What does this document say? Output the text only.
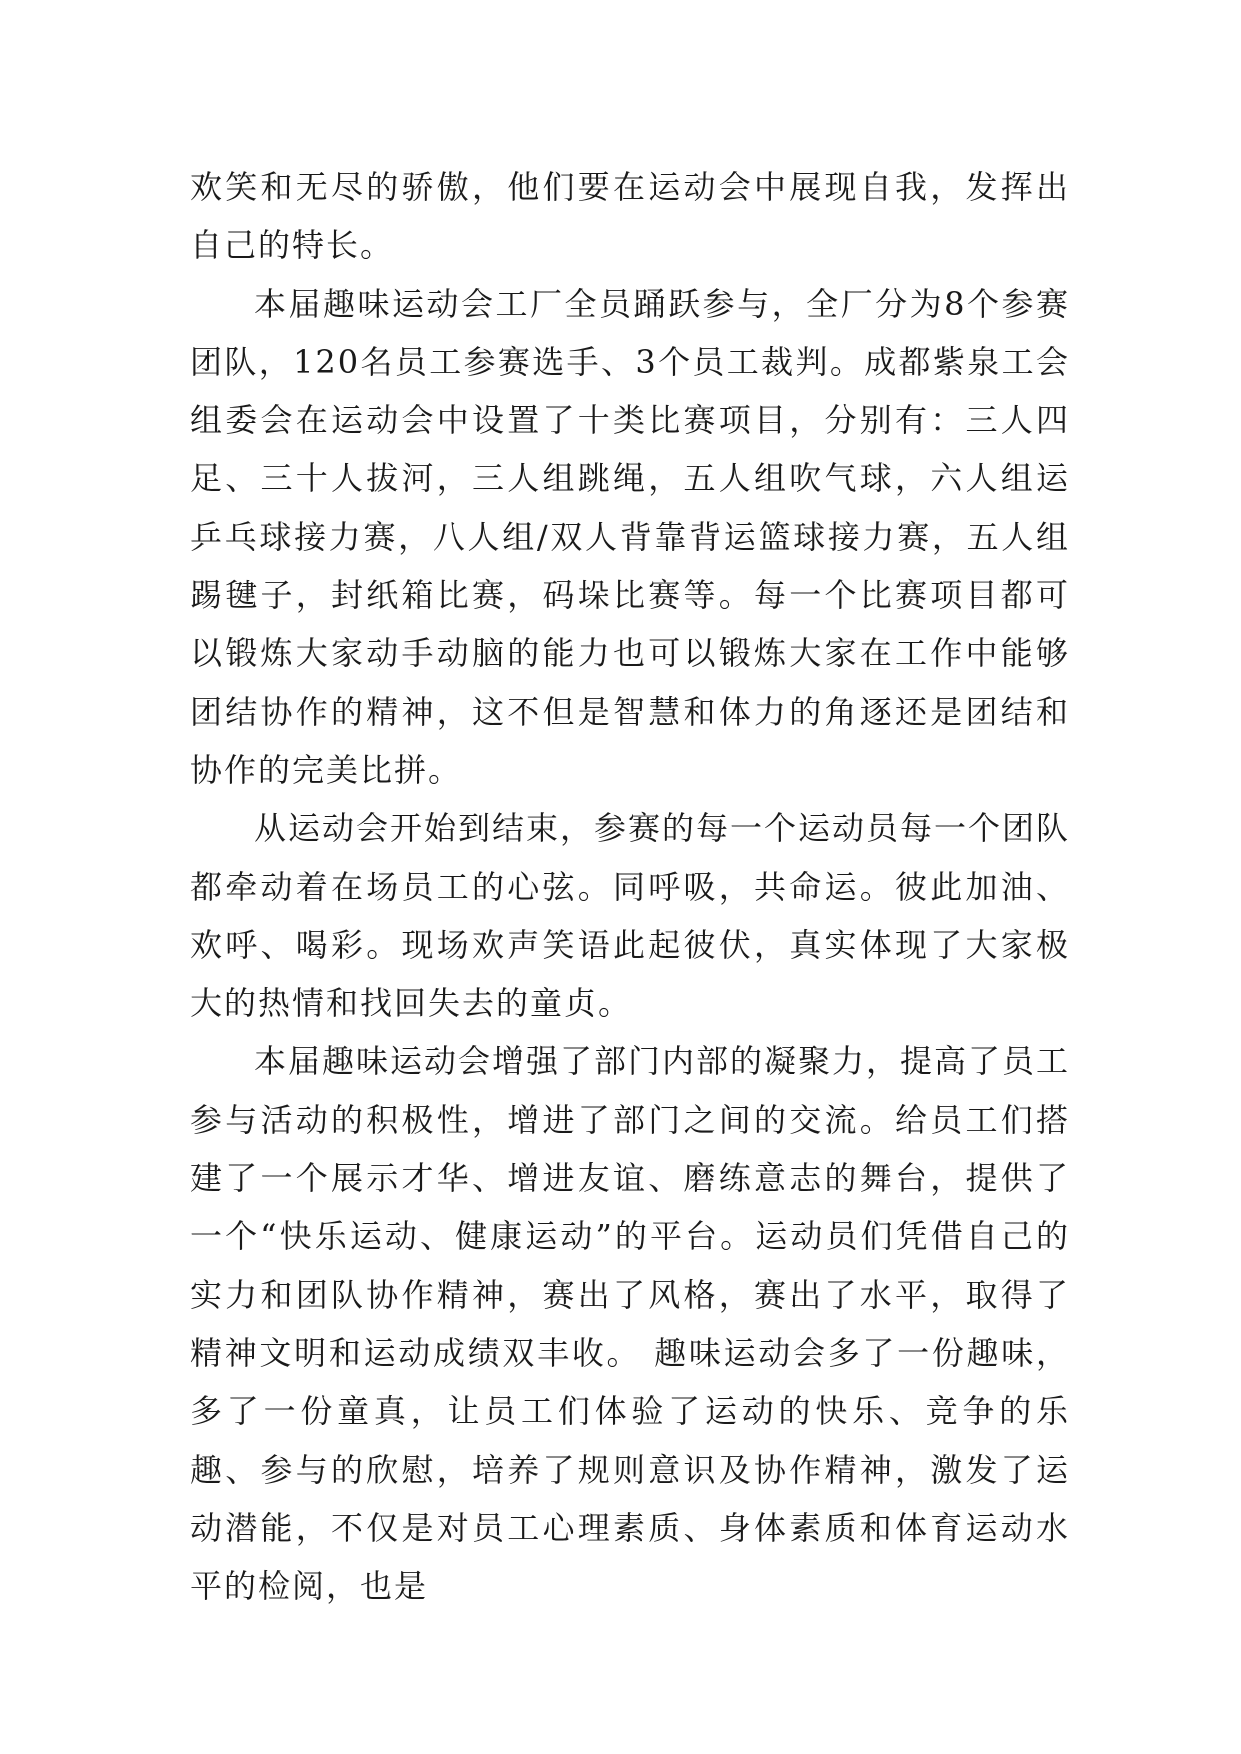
欢笑和无尽的骄傲，他们要在运动会中展现自我，发挥出自己的特长。

本届趣味运动会工厂全员踊跃参与，全厂分为8个参赛团队，120名员工参赛选手、3个员工裁判。成都紫泉工会组委会在运动会中设置了十类比赛项目，分别有：三人四足、三十人拔河，三人组跳绳，五人组吹气球，六人组运乒乓球接力赛，八人组/双人背靠背运篮球接力赛，五人组踢毽子，封纸箱比赛，码垛比赛等。每一个比赛项目都可以锻炼大家动手动脑的能力也可以锻炼大家在工作中能够团结协作的精神，这不但是智慧和体力的角逐还是团结和协作的完美比拼。

从运动会开始到结束，参赛的每一个运动员每一个团队都牵动着在场员工的心弦。同呼吸，共命运。彼此加油、欢呼、喝彩。现场欢声笑语此起彼伏，真实体现了大家极大的热情和找回失去的童贞。

本届趣味运动会增强了部门内部的凝聚力，提高了员工参与活动的积极性，增进了部门之间的交流。给员工们搭建了一个展示才华、增进友谊、磨练意志的舞台，提供了一个“快乐运动、健康运动”的平台。运动员们凭借自己的实力和团队协作精神，赛出了风格，赛出了水平，取得了精神文明和运动成绩双丰收。 趣味运动会多了一份趣味，多了一份童真，让员工们体验了运动的快乐、竞争的乐趣、参与的欣慰，培养了规则意识及协作精神，激发了运动潜能，不仅是对员工心理素质、身体素质和体育运动水平的检阅，也是
